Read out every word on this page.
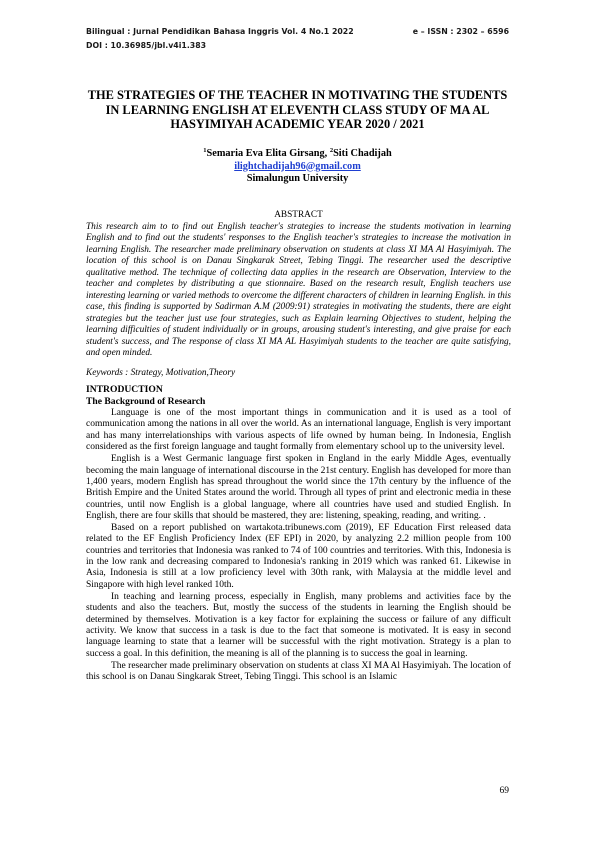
Bilingual : Jurnal Pendidikan Bahasa Inggris Vol. 4 No.1 2022	e – ISSN : 2302 – 6596
DOI : 10.36985/jbl.v4i1.383
THE STRATEGIES OF THE TEACHER IN MOTIVATING THE STUDENTS IN LEARNING ENGLISH AT ELEVENTH CLASS STUDY OF MA AL HASYIMIYAH ACADEMIC YEAR 2020 / 2021
$^1$Semaria Eva Elita Girsang, $^2$Siti Chadijah
ilightchadijah96@gmail.com
Simalungun University
ABSTRACT

This research aim to to find out English teacher's strategies to increase the students motivation in learning English and to find out the students' responses to the English teacher's strategies to increase the motivation in learning English. The researcher made preliminary observation on students at class XI MA Al Hasyimiyah. The location of this school is on Danau Singkarak Street, Tebing Tinggi. The researcher used the descriptive qualitative method. The technique of collecting data applies in the research are Observation, Interview to the teacher and completes by distributing a que stionnaire. Based on the research result, English teachers use interesting learning or varied methods to overcome the different characters of children in learning English. in this case, this finding is supported by Sadirman A.M (2009:91) strategies in motivating the students, there are eight strategies but the teacher just use four strategies, such as Explain learning Objectives to student, helping the learning difficulties of student individually or in groups, arousing student's interesting, and give praise for each student's success, and The response of class XI MA AL Hasyimiyah students to the teacher are quite satisfying, and open minded.

Keywords : Strategy, Motivation,Theory
INTRODUCTION
The Background of Research

Language is one of the most important things in communication and it is used as a tool of communication among the nations in all over the world. As an international language, English is very important and has many interrelationships with various aspects of life owned by human being. In Indonesia, English considered as the first foreign language and taught formally from elementary school up to the university level.

English is a West Germanic language first spoken in England in the early Middle Ages, eventually becoming the main language of international discourse in the 21st century. English has developed for more than 1,400 years, modern English has spread throughout the world since the 17th century by the influence of the British Empire and the United States around the world. Through all types of print and electronic media in these countries, until now English is a global language, where all countries have used and studied English. In English, there are four skills that should be mastered, they are: listening, speaking, reading, and writing. .

Based on a report published on wartakota.tribunews.com (2019), EF Education First released data related to the EF English Proficiency Index (EF EPI) in 2020, by analyzing 2.2 million people from 100 countries and territories that Indonesia was ranked to 74 of 100 countries and territories. With this, Indonesia is in the low rank and decreasing compared to Indonesia's ranking in 2019 which was ranked 61. Likewise in Asia, Indonesia is still at a low proficiency level with 30th rank, with Malaysia at the middle level and Singapore with high level ranked 10th.

In teaching and learning process, especially in English, many problems and activities face by the students and also the teachers. But, mostly the success of the students in learning the English should be determined by themselves. Motivation is a key factor for explaining the success or failure of any difficult activity. We know that success in a task is due to the fact that someone is motivated. It is easy in second language learning to state that a learner will be successful with the right motivation. Strategy is a plan to success a goal. In this definition, the meaning is all of the planning is to success the goal in learning.

The researcher made preliminary observation on students at class XI MA Al Hasyimiyah. The location of this school is on Danau Singkarak Street, Tebing Tinggi. This school is an Islamic

69
